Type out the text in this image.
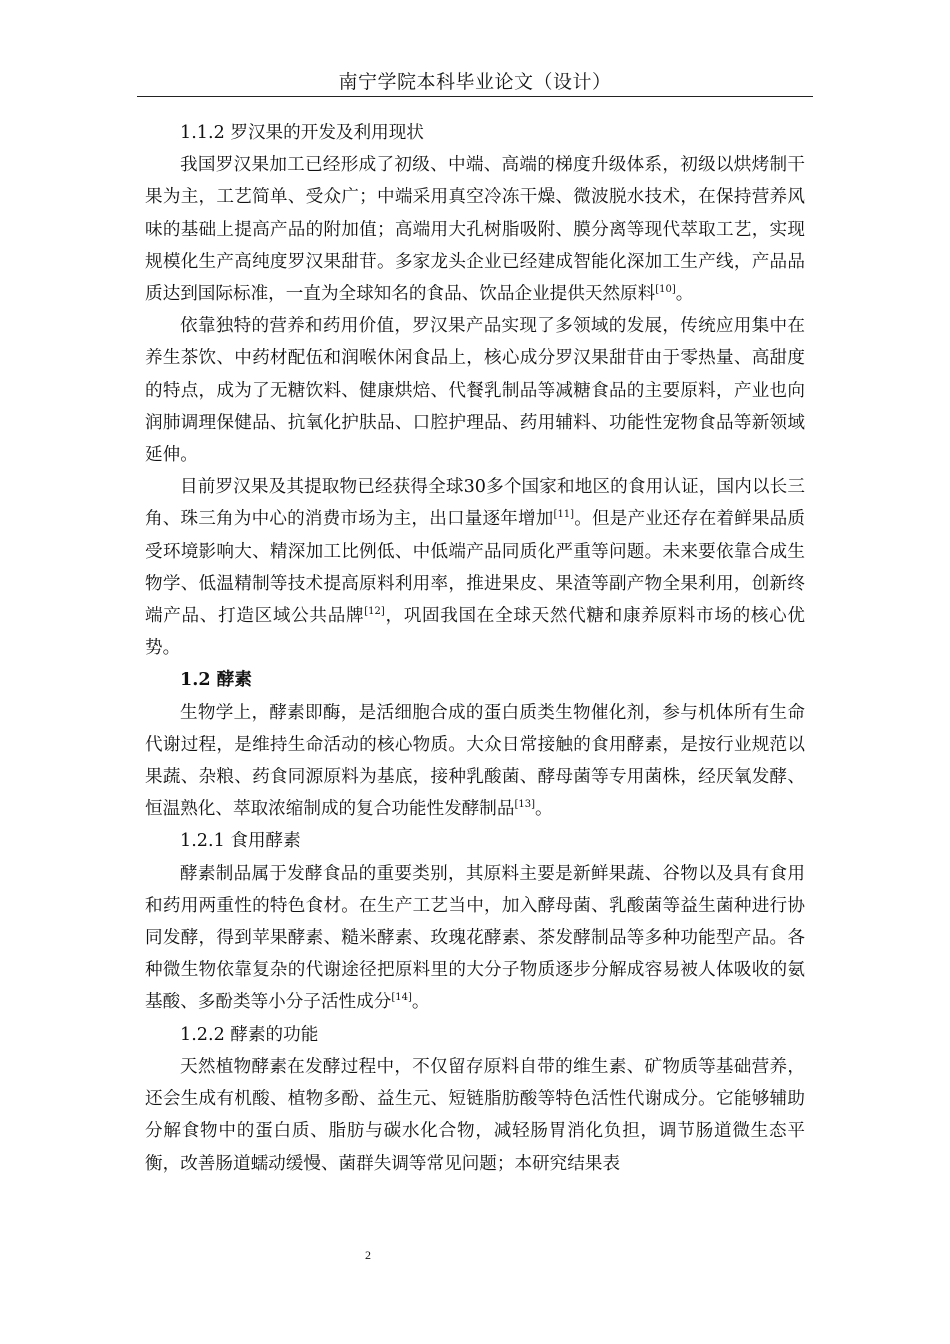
南宁学院本科毕业论文（设计）

1.1.2 罗汉果的开发及利用现状

我国罗汉果加工已经形成了初级、中端、高端的梯度升级体系，初级以烘烤制干果为主，工艺简单、受众广；中端采用真空冷冻干燥、微波脱水技术，在保持营养风味的基础上提高产品的附加值；高端用大孔树脂吸附、膜分离等现代萃取工艺，实现规模化生产高纯度罗汉果甜苷。多家龙头企业已经建成智能化深加工生产线，产品品质达到国际标准，一直为全球知名的食品、饮品企业提供天然原料[10]。

依靠独特的营养和药用价值，罗汉果产品实现了多领域的发展，传统应用集中在养生茶饮、中药材配伍和润喉休闲食品上，核心成分罗汉果甜苷由于零热量、高甜度的特点，成为了无糖饮料、健康烘焙、代餐乳制品等减糖食品的主要原料，产业也向润肺调理保健品、抗氧化护肤品、口腔护理品、药用辅料、功能性宠物食品等新领域延伸。

目前罗汉果及其提取物已经获得全球30多个国家和地区的食用认证，国内以长三角、珠三角为中心的消费市场为主，出口量逐年增加[11]。但是产业还存在着鲜果品质受环境影响大、精深加工比例低、中低端产品同质化严重等问题。未来要依靠合成生物学、低温精制等技术提高原料利用率，推进果皮、果渣等副产物全果利用，创新终端产品、打造区域公共品牌[12]，巩固我国在全球天然代糖和康养原料市场的核心优势。

1.2 酵素

生物学上，酵素即酶，是活细胞合成的蛋白质类生物催化剂，参与机体所有生命代谢过程，是维持生命活动的核心物质。大众日常接触的食用酵素，是按行业规范以果蔬、杂粮、药食同源原料为基底，接种乳酸菌、酵母菌等专用菌株，经厌氧发酵、恒温熟化、萃取浓缩制成的复合功能性发酵制品[13]。

1.2.1 食用酵素

酵素制品属于发酵食品的重要类别，其原料主要是新鲜果蔬、谷物以及具有食用和药用两重性的特色食材。在生产工艺当中，加入酵母菌、乳酸菌等益生菌种进行协同发酵，得到苹果酵素、糙米酵素、玫瑰花酵素、茶发酵制品等多种功能型产品。各种微生物依靠复杂的代谢途径把原料里的大分子物质逐步分解成容易被人体吸收的氨基酸、多酚类等小分子活性成分[14]。

1.2.2 酵素的功能

天然植物酵素在发酵过程中，不仅留存原料自带的维生素、矿物质等基础营养，还会生成有机酸、植物多酚、益生元、短链脂肪酸等特色活性代谢成分。它能够辅助分解食物中的蛋白质、脂肪与碳水化合物，减轻肠胃消化负担，调节肠道微生态平衡，改善肠道蠕动缓慢、菌群失调等常见问题；本研究结果表

2
